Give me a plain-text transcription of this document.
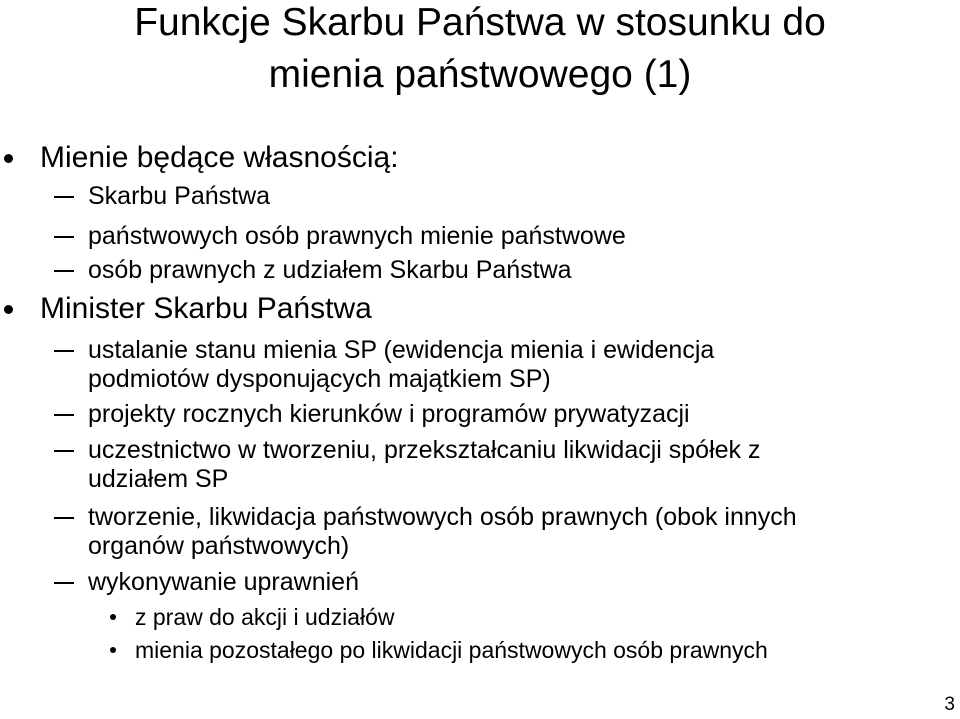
Funkcje Skarbu Państwa w stosunku do
mienia państwowego (1)
Mienie będące własnością:
Skarbu Państwa
państwowych osób prawnych mienie państwowe
osób prawnych z udziałem Skarbu Państwa
Minister Skarbu Państwa
ustalanie stanu mienia SP (ewidencja mienia i ewidencja
podmiotów dysponujących majątkiem SP)
projekty rocznych kierunków i programów prywatyzacji
uczestnictwo w tworzeniu, przekształcaniu likwidacji spółek z
udziałem SP
tworzenie, likwidacja państwowych osób prawnych (obok innych
organów państwowych)
wykonywanie uprawnień
z praw do akcji i udziałów
mienia pozostałego po likwidacji państwowych osób prawnych
3
